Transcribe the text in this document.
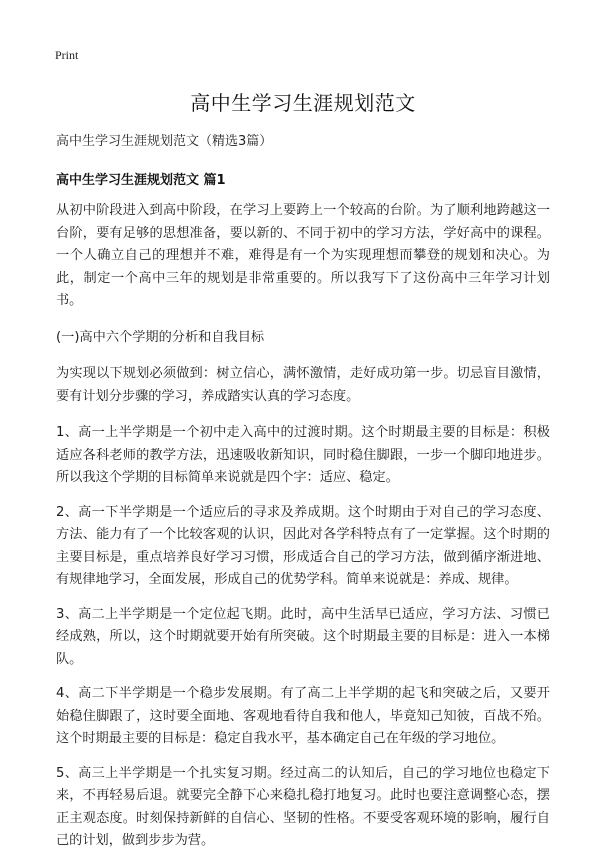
Print
高中生学习生涯规划范文

高中生学习生涯规划范文（精选3篇）

高中生学习生涯规划范文 篇1

从初中阶段进入到高中阶段，在学习上要跨上一个较高的台阶。为了顺利地跨越这一台阶，要有足够的思想准备，要以新的、不同于初中的学习方法，学好高中的课程。一个人确立自己的理想并不难，难得是有一个为实现理想而攀登的规划和决心。为此，制定一个高中三年的规划是非常重要的。所以我写下了这份高中三年学习计划书。

(一)高中六个学期的分析和自我目标

为实现以下规划必须做到：树立信心，满怀激情，走好成功第一步。切忌盲目激情，要有计划分步骤的学习，养成踏实认真的学习态度。

1、高一上半学期是一个初中走入高中的过渡时期。这个时期最主要的目标是：积极适应各科老师的教学方法，迅速吸收新知识，同时稳住脚跟，一步一个脚印地进步。所以我这个学期的目标简单来说就是四个字：适应、稳定。

2、高一下半学期是一个适应后的寻求及养成期。这个时期由于对自己的学习态度、方法、能力有了一个比较客观的认识，因此对各学科特点有了一定掌握。这个时期的主要目标是，重点培养良好学习习惯，形成适合自己的学习方法，做到循序渐进地、有规律地学习，全面发展，形成自己的优势学科。简单来说就是：养成、规律。

3、高二上半学期是一个定位起飞期。此时，高中生活早已适应，学习方法、习惯已经成熟，所以，这个时期就要开始有所突破。这个时期最主要的目标是：进入一本梯队。

4、高二下半学期是一个稳步发展期。有了高二上半学期的起飞和突破之后，又要开始稳住脚跟了，这时要全面地、客观地看待自我和他人，毕竟知己知彼，百战不殆。这个时期最主要的目标是：稳定自我水平，基本确定自己在年级的学习地位。

5、高三上半学期是一个扎实复习期。经过高二的认知后，自己的学习地位也稳定下来，不再轻易后退。就要完全静下心来稳扎稳打地复习。此时也要注意调整心态，摆正主观态度。时刻保持新鲜的自信心、坚韧的性格。不要受客观环境的影响，履行自己的计划，做到步步为营。
